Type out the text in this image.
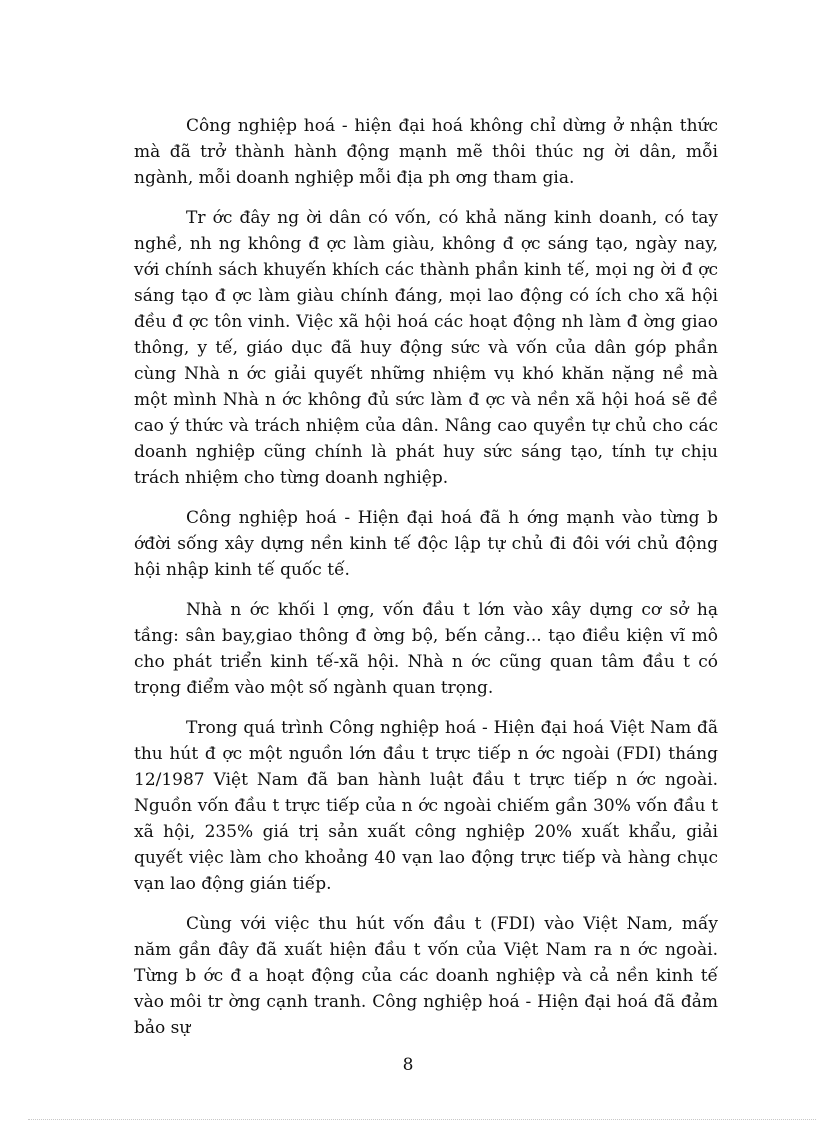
Công nghiệp hoá - hiện đại hoá không chỉ dừng ở nhận thức mà đã trở thành hành động mạnh mẽ thôi thúc ng ời dân, mỗi ngành, mỗi doanh nghiệp mỗi địa ph ơng tham gia.

Tr ớc đây ng ời dân có vốn, có khả năng kinh doanh, có tay nghề, nh ng không đ ợc làm giàu, không đ ợc sáng tạo, ngày nay, với chính sách khuyến khích các thành phần kinh tế, mọi ng ời đ ợc sáng tạo đ ợc làm giàu chính đáng, mọi lao động có ích cho xã hội đều đ ợc tôn vinh. Việc xã hội hoá các hoạt động nh làm đ ờng giao thông, y tế, giáo dục đã huy động sức và vốn của dân góp phần cùng Nhà n ớc giải quyết những nhiệm vụ khó khăn nặng nề mà một mình Nhà n ớc không đủ sức làm đ ợc và nền xã hội hoá sẽ đề cao ý thức và trách nhiệm của dân. Nâng cao quyền tự chủ cho các doanh nghiệp cũng chính là phát huy sức sáng tạo, tính tự chịu trách nhiệm cho từng doanh nghiệp.

Công nghiệp hoá - Hiện đại hoá đã h ớng mạnh vào từng b ớđời sống xây dựng nền kinh tế độc lập tự chủ đi đôi với chủ động hội nhập kinh tế quốc tế.

Nhà n ớc khối l ợng, vốn đầu t lớn vào xây dựng cơ sở hạ tầng: sân bay,giao thông đ ờng bộ, bến cảng... tạo điều kiện vĩ mô cho phát triển kinh tế-xã hội. Nhà n ớc cũng quan tâm đầu t có trọng điểm vào một số ngành quan trọng.

Trong quá trình Công nghiệp hoá - Hiện đại hoá Việt Nam đã thu hút đ ợc một nguồn lớn đầu t trực tiếp n ớc ngoài (FDI) tháng 12/1987 Việt Nam đã ban hành luật đầu t trực tiếp n ớc ngoài. Nguồn vốn đầu t trực tiếp của n ớc ngoài chiếm gần 30% vốn đầu t xã hội, 235% giá trị sản xuất công nghiệp 20% xuất khẩu, giải quyết việc làm cho khoảng 40 vạn lao động trực tiếp và hàng chục vạn lao động gián tiếp.

Cùng với việc thu hút vốn đầu t (FDI) vào Việt Nam, mấy năm gần đây đã xuất hiện đầu t vốn của Việt Nam ra n ớc ngoài. Từng b ớc đ a hoạt động của các doanh nghiệp và cả nền kinh tế vào môi tr ờng cạnh tranh. Công nghiệp hoá - Hiện đại hoá đã đảm bảo sự

8
